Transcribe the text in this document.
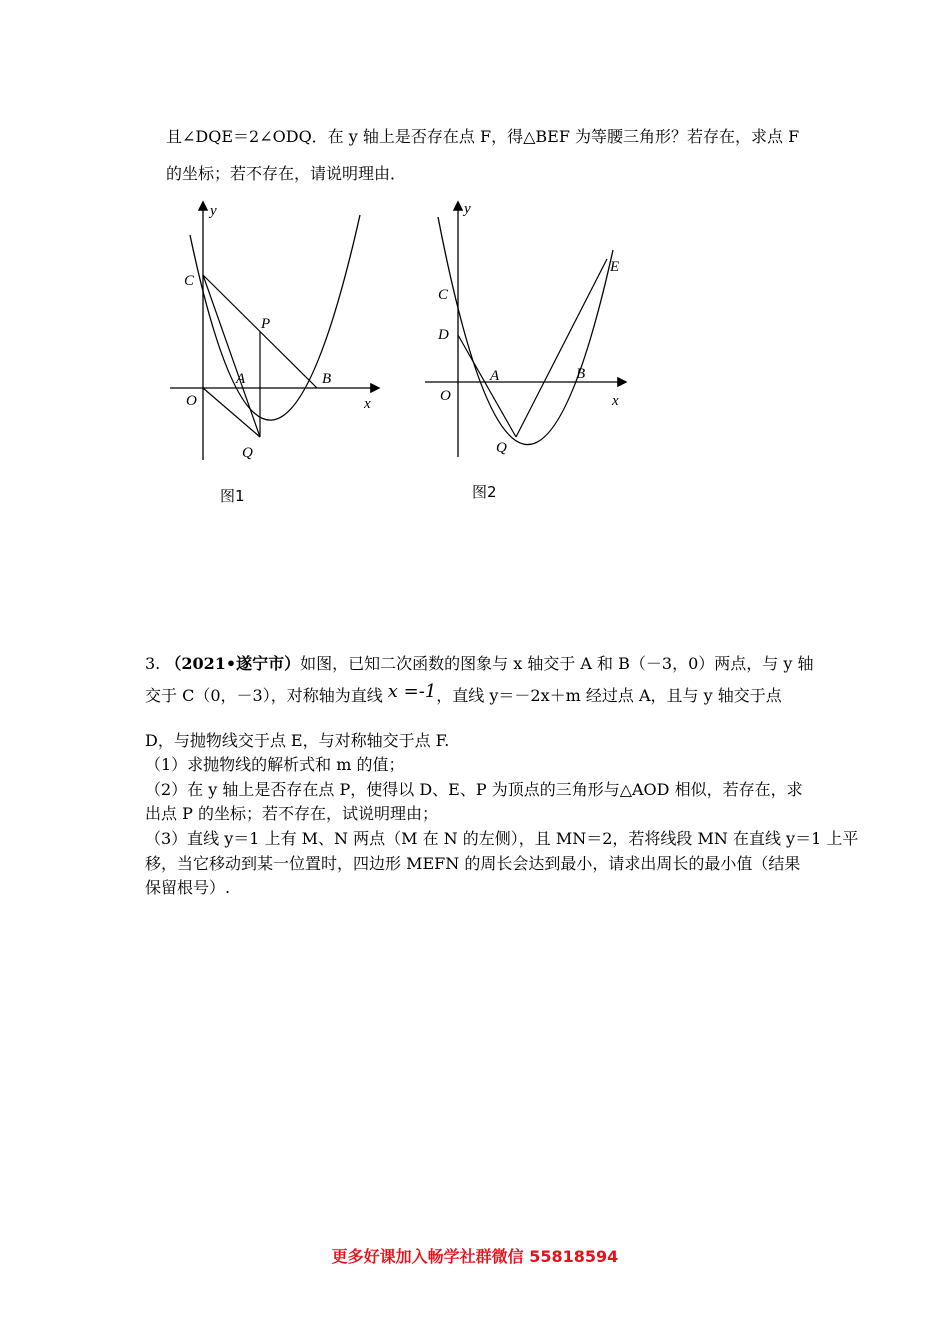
且∠DQE＝2∠ODQ．在 y 轴上是否存在点 F，得△BEF 为等腰三角形？若存在，求点 F
的坐标；若不存在，请说明理由．
y
C
P
A	B
O	x
Q
图1
y
E
C
D
A	B
O	x
Q
图2
3. （2021•遂宁市）如图，已知二次函数的图象与 x 轴交于 A 和 B（－3，0）两点，与 y 轴
交于 C（0，－3），对称轴为直线 x =-1，直线 y＝－2x＋m 经过点 A，且与 y 轴交于点
D，与抛物线交于点 E，与对称轴交于点 F.
（1）求抛物线的解析式和 m 的值；
（2）在 y 轴上是否存在点 P，使得以 D、E、P 为顶点的三角形与△AOD 相似，若存在，求
出点 P 的坐标；若不存在，试说明理由；
（3）直线 y＝1 上有 M、N 两点（M 在 N 的左侧），且 MN＝2，若将线段 MN 在直线 y＝1 上平
移，当它移动到某一位置时，四边形 MEFN 的周长会达到最小，请求出周长的最小值（结果
保留根号）.
更多好课加入畅学社群微信 55818594
